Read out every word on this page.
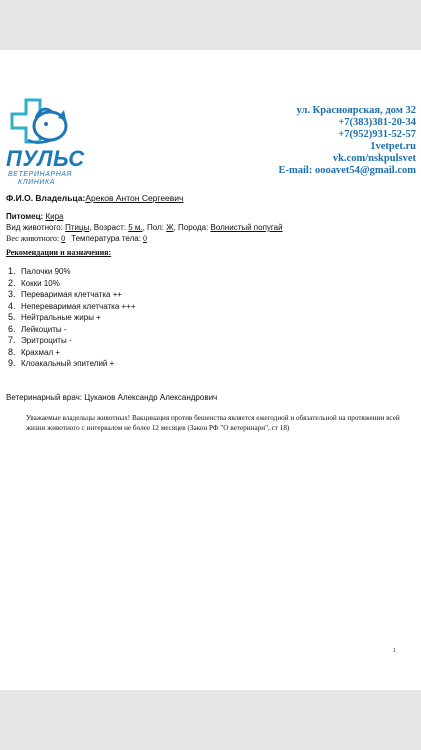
ПУЛЬС
ВЕТЕРИНАРНАЯ
КЛИНИКА
ул. Красноярская, дом 32
+7(383)381-20-34
+7(952)931-52-57
1vetpet.ru
vk.com/nskpulsvet
E-mail: oooavet54@gmail.com
Ф.И.О. Владельца:Ареков Антон Сергеевич
Питомец: Кира
Вид животного: Птицы, Возраст: 5 м., Пол: Ж, Порода: Волнистый попугай
Вес животного: 0 Температура тела: 0
Рекомендации и назначения:
1. Палочки 90%
2. Кокки 10%
3. Переваримая клетчатка ++
4. Непереваримая клетчатка +++
5. Нейтральные жиры +
6. Лейкоциты -
7. Эритроциты -
8. Крахмал +
9. Клоакальный эпителий +
Ветеринарный врач: Цуканов Александр Александрович
Уважаемые владельцы животных! Вакцинация против бешенства является ежегодной и обязательной на протяжении всей жизни животного с интервалом не более 12 месяцев (Закон РФ "О ветеринари", ст 18)
1
